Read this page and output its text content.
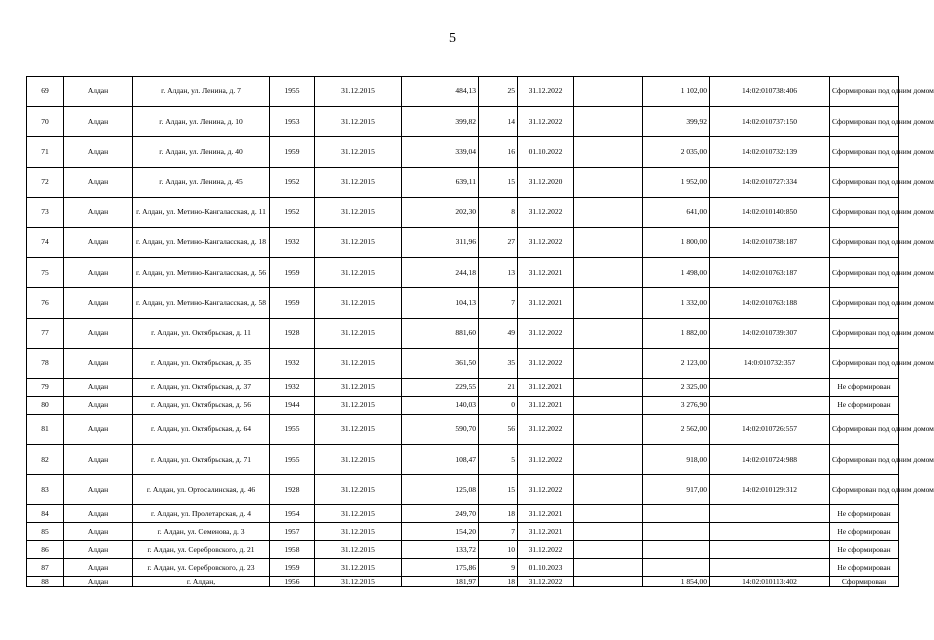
5
69	Алдан	г. Алдан, ул. Ленина, д. 7	1955	31.12.2015	484,13	25	31.12.2022		1 102,00	14:02:010738:406	Сформирован под одним домом
70	Алдан	г. Алдан, ул. Ленина, д. 10	1953	31.12.2015	399,82	14	31.12.2022		399,92	14:02:010737:150	Сформирован под одним домом
71	Алдан	г. Алдан, ул. Ленина, д. 40	1959	31.12.2015	339,04	16	01.10.2022		2 035,00	14:02:010732:139	Сформирован под одним домом
72	Алдан	г. Алдан, ул. Ленина, д. 45	1952	31.12.2015	639,11	15	31.12.2020		1 952,00	14:02:010727:334	Сформирован под одним домом
73	Алдан	г. Алдан, ул. Метино-Кангаласская, д. 11	1952	31.12.2015	202,30	8	31.12.2022		641,00	14:02:010140:850	Сформирован под одним домом
74	Алдан	г. Алдан, ул. Метино-Кангаласская, д. 18	1932	31.12.2015	311,96	27	31.12.2022		1 800,00	14:02:010738:187	Сформирован под одним домом
75	Алдан	г. Алдан, ул. Метино-Кангаласская, д. 56	1959	31.12.2015	244,18	13	31.12.2021		1 498,00	14:02:010763:187	Сформирован под одним домом
76	Алдан	г. Алдан, ул. Метино-Кангаласская, д. 58	1959	31.12.2015	104,13	7	31.12.2021		1 332,00	14:02:010763:188	Сформирован под одним домом
77	Алдан	г. Алдан, ул. Октябрьская, д. 11	1928	31.12.2015	881,60	49	31.12.2022		1 882,00	14:02:010739:307	Сформирован под одним домом
78	Алдан	г. Алдан, ул. Октябрьская, д. 35	1932	31.12.2015	361,50	35	31.12.2022		2 123,00	14:0:010732:357	Сформирован под одним домом
79	Алдан	г. Алдан, ул. Октябрьская, д. 37	1932	31.12.2015	229,55	21	31.12.2021		2 325,00		Не сформирован
80	Алдан	г. Алдан, ул. Октябрьская, д. 56	1944	31.12.2015	140,03	0	31.12.2021		3 276,90		Не сформирован
81	Алдан	г. Алдан, ул. Октябрьская, д. 64	1955	31.12.2015	590,70	56	31.12.2022		2 562,00	14:02:010726:557	Сформирован под одним домом
82	Алдан	г. Алдан, ул. Октябрьская, д. 71	1955	31.12.2015	108,47	5	31.12.2022		918,00	14:02:010724:988	Сформирован под одним домом
83	Алдан	г. Алдан, ул. Ортосалинская, д. 46	1928	31.12.2015	125,08	15	31.12.2022		917,00	14:02:010129:312	Сформирован под одним домом
84	Алдан	г. Алдан, ул. Пролетарская, д. 4	1954	31.12.2015	249,70	18	31.12.2021				Не сформирован
85	Алдан	г. Алдан, ул. Семенова, д. 3	1957	31.12.2015	154,20	7	31.12.2021				Не сформирован
86	Алдан	г. Алдан, ул. Серебровского, д. 21	1958	31.12.2015	133,72	10	31.12.2022				Не сформирован
87	Алдан	г. Алдан, ул. Серебровского, д. 23	1959	31.12.2015	175,86	9	01.10.2023				Не сформирован
88	Алдан	г. Алдан,	1956	31.12.2015	181,97	18	31.12.2022		1 854,00	14:02:010113:402	Сформирован
